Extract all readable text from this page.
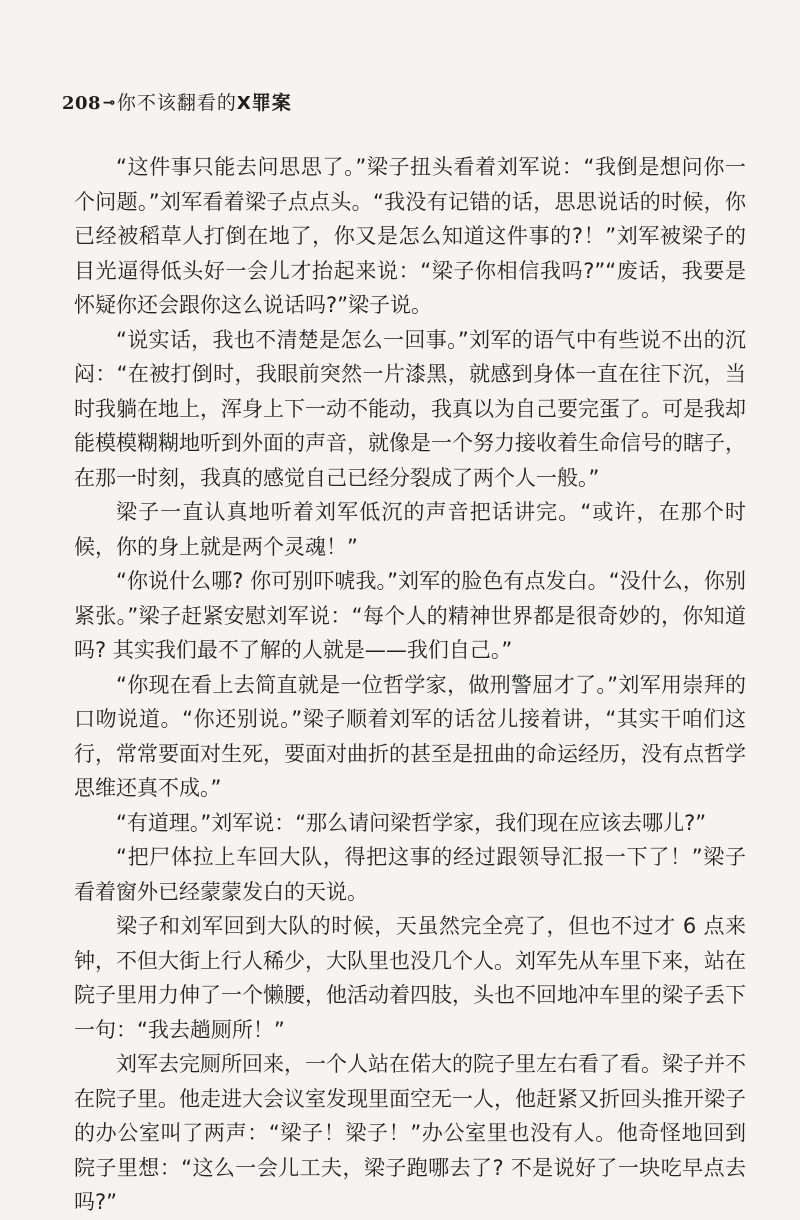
208 ⊸ 你不该翻看的X罪案

“这件事只能去问思思了。”梁子扭头看着刘军说：“我倒是想问你一个问题。”刘军看着梁子点点头。“我没有记错的话，思思说话的时候，你已经被稻草人打倒在地了，你又是怎么知道这件事的?！”刘军被梁子的目光逼得低头好一会儿才抬起来说：“梁子你相信我吗?”“废话，我要是怀疑你还会跟你这么说话吗?”梁子说。

“说实话，我也不清楚是怎么一回事。”刘军的语气中有些说不出的沉闷：“在被打倒时，我眼前突然一片漆黑，就感到身体一直在往下沉，当时我躺在地上，浑身上下一动不能动，我真以为自己要完蛋了。可是我却能模模糊糊地听到外面的声音，就像是一个努力接收着生命信号的瞎子，在那一时刻，我真的感觉自己已经分裂成了两个人一般。”

梁子一直认真地听着刘军低沉的声音把话讲完。“或许，在那个时候，你的身上就是两个灵魂！”

“你说什么哪? 你可别吓唬我。”刘军的脸色有点发白。“没什么，你别紧张。”梁子赶紧安慰刘军说：“每个人的精神世界都是很奇妙的，你知道吗? 其实我们最不了解的人就是——我们自己。”

“你现在看上去简直就是一位哲学家，做刑警屈才了。”刘军用崇拜的口吻说道。“你还别说。”梁子顺着刘军的话岔儿接着讲，“其实干咱们这行，常常要面对生死，要面对曲折的甚至是扭曲的命运经历，没有点哲学思维还真不成。”

“有道理。”刘军说：“那么请问梁哲学家，我们现在应该去哪儿?”

“把尸体拉上车回大队，得把这事的经过跟领导汇报一下了！”梁子看着窗外已经蒙蒙发白的天说。

梁子和刘军回到大队的时候，天虽然完全亮了，但也不过才 6 点来钟，不但大街上行人稀少，大队里也没几个人。刘军先从车里下来，站在院子里用力伸了一个懒腰，他活动着四肢，头也不回地冲车里的梁子丢下一句：“我去趟厕所！”

刘军去完厕所回来，一个人站在偌大的院子里左右看了看。梁子并不在院子里。他走进大会议室发现里面空无一人，他赶紧又折回头推开梁子的办公室叫了两声：“梁子！梁子！”办公室里也没有人。他奇怪地回到院子里想：“这么一会儿工夫，梁子跑哪去了? 不是说好了一块吃早点去吗?”
